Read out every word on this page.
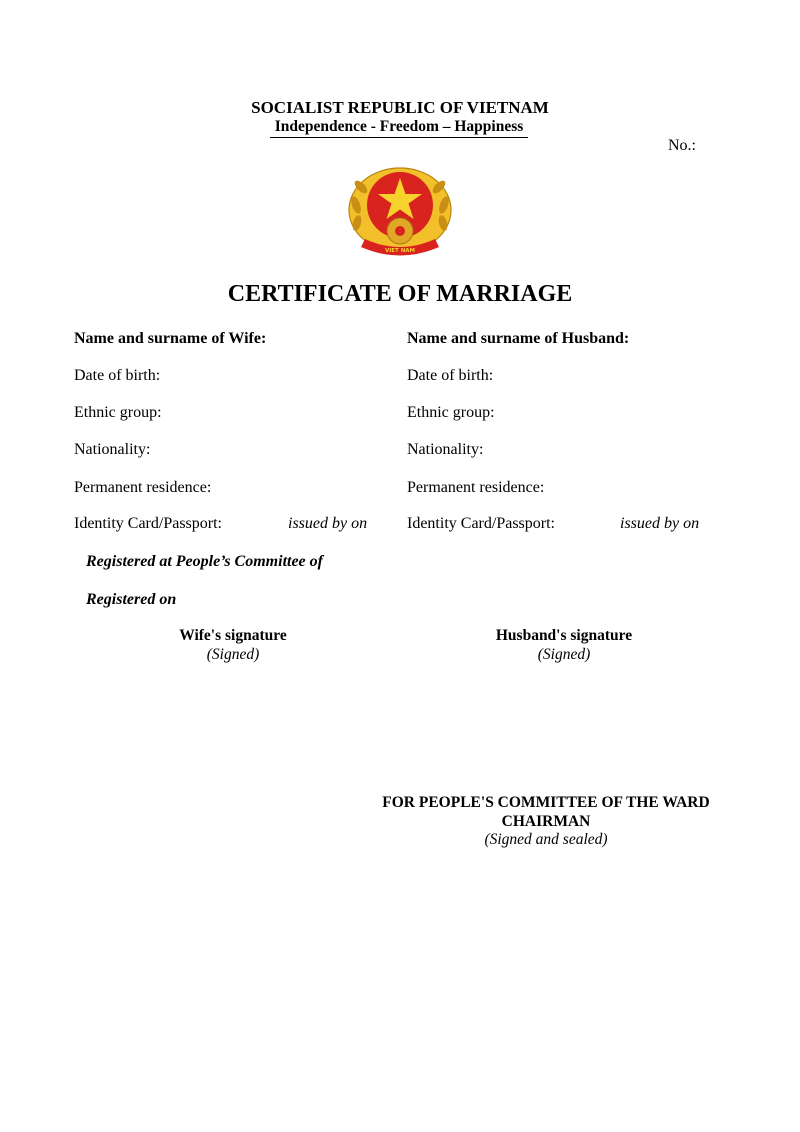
SOCIALIST REPUBLIC OF VIETNAM
Independence - Freedom – Happiness
No.:
VIET NAM
CERTIFICATE OF MARRIAGE
Name and surname of Wife:
Date of birth:
Ethnic group:
Nationality:
Permanent residence:
Identity Card/Passport:	issued by on
Name and surname of Husband:
Date of birth:
Ethnic group:
Nationality:
Permanent residence:
Identity Card/Passport:	issued by on
Registered at People’s Committee of
Registered on
Wife's signature
(Signed)
Husband's signature
(Signed)
FOR PEOPLE'S COMMITTEE OF THE WARD
CHAIRMAN
(Signed and sealed)
